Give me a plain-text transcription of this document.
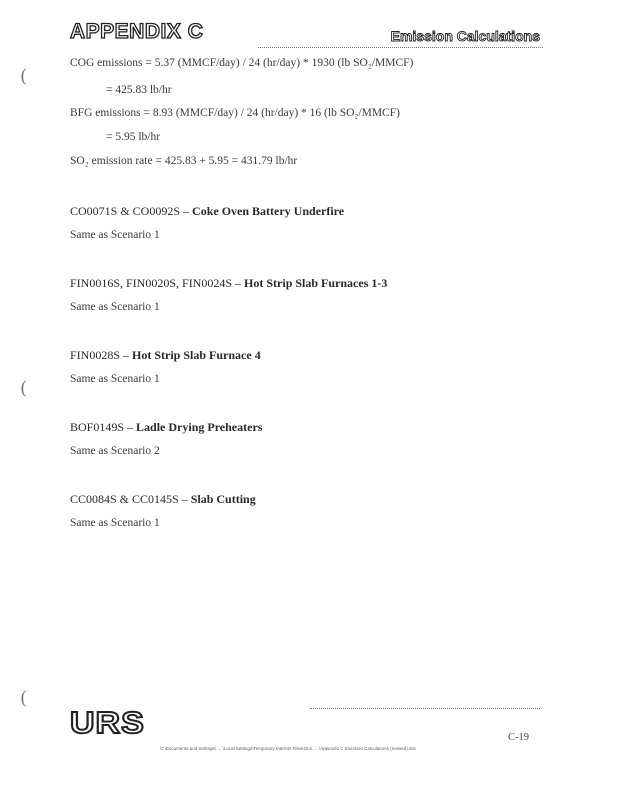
APPENDIX C	Emission Calculations
(
(
(
COG emissions = 5.37 (MMCF/day) / 24 (hr/day) * 1930 (lb SO₂/MMCF)
= 425.83 lb/hr
BFG emissions = 8.93 (MMCF/day) / 24 (hr/day) * 16 (lb SO₂/MMCF)
= 5.95 lb/hr
SO₂ emission rate = 425.83 + 5.95 = 431.79 lb/hr
CO0071S & CO0092S – Coke Oven Battery Underfire
Same as Scenario 1
FIN0016S, FIN0020S, FIN0024S – Hot Strip Slab Furnaces 1-3
Same as Scenario 1
FIN0028S – Hot Strip Slab Furnace 4
Same as Scenario 1
BOF0149S – Ladle Drying Preheaters
Same as Scenario 2
CC0084S & CC0145S – Slab Cutting
Same as Scenario 1
URS	C-19
C:\Documents and Settings\ ... \Local Settings\Temporary Internet Files\OLK ... \Appendix C Emission Calculations (revised).doc
